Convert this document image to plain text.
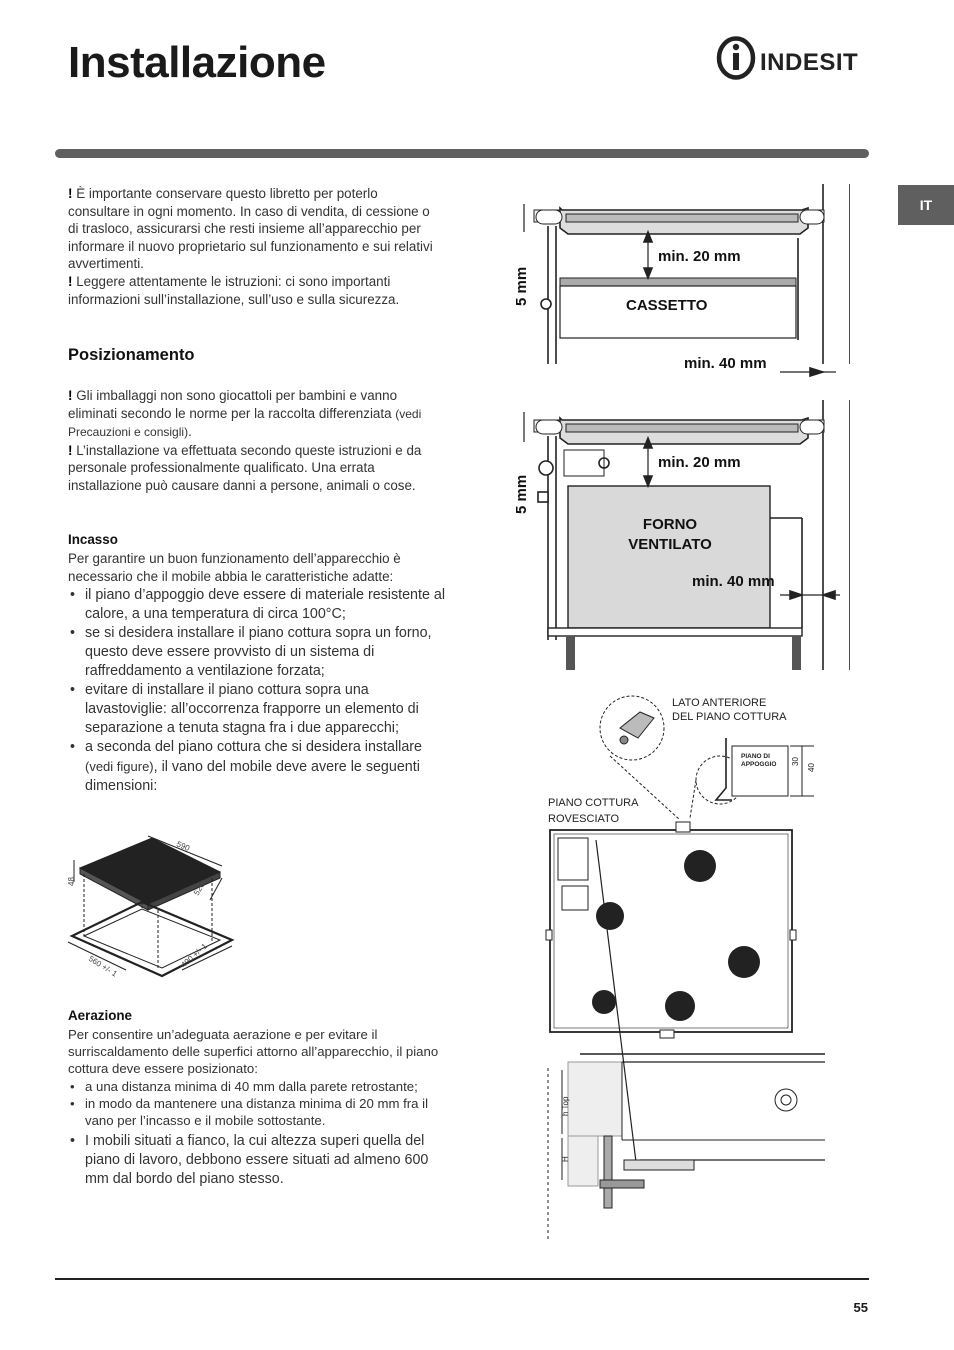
Installazione	INDESIT
IT

! È importante conservare questo libretto per poterlo consultare in ogni momento. In caso di vendita, di cessione o di trasloco, assicurarsi che resti insieme all’apparecchio per informare il nuovo proprietario sul funzionamento e sui relativi avvertimenti.

! Leggere attentamente le istruzioni: ci sono importanti informazioni sull’installazione, sull’uso e sulla sicurezza.

Posizionamento

! Gli imballaggi non sono giocattoli per bambini e vanno eliminati secondo le norme per la raccolta differenziata (vedi Precauzioni e consigli).

! L’installazione va effettuata secondo queste istruzioni e da personale professionalmente qualificato. Una errata installazione può causare danni a persone, animali o cose.

Incasso
Per garantire un buon funzionamento dell’apparecchio è necessario che il mobile abbia le caratteristiche adatte:
• il piano d’appoggio deve essere di materiale resistente al calore, a una temperatura di circa 100°C;
• se si desidera installare il piano cottura sopra un forno, questo deve essere provvisto di un sistema di raffreddamento a ventilazione forzata;
• evitare di installare il piano cottura sopra una lavastoviglie: all’occorrenza frapporre un elemento di separazione a tenuta stagna fra i due apparecchi;
• a seconda del piano cottura che si desidera installare (vedi figure), il vano del mobile deve avere le seguenti dimensioni:
590
520
48
560 +/- 1	490 +/- 1
Aerazione
Per consentire un’adeguata aerazione e per evitare il surriscaldamento delle superfici attorno all’apparecchio, il piano cottura deve essere posizionato:
• a una distanza minima di 40 mm dalla parete retrostante;
• in modo da mantenere una distanza minima di 20 mm fra il vano per l’incasso e il mobile sottostante.
• I mobili situati a fianco, la cui altezza superi quella del piano di lavoro, debbono essere situati ad almeno 600 mm dal bordo del piano stesso.
min. 20 mm
CASSETTO
min. 40 mm
5 mm
min. 20 mm
FORNO
VENTILATO
min. 40 mm
5 mm
LATO ANTERIORE
DEL PIANO COTTURA
PIANO DI
APPOGGIO 30
40
PIANO COTTURA
ROVESCIATO
h Top
H
55
